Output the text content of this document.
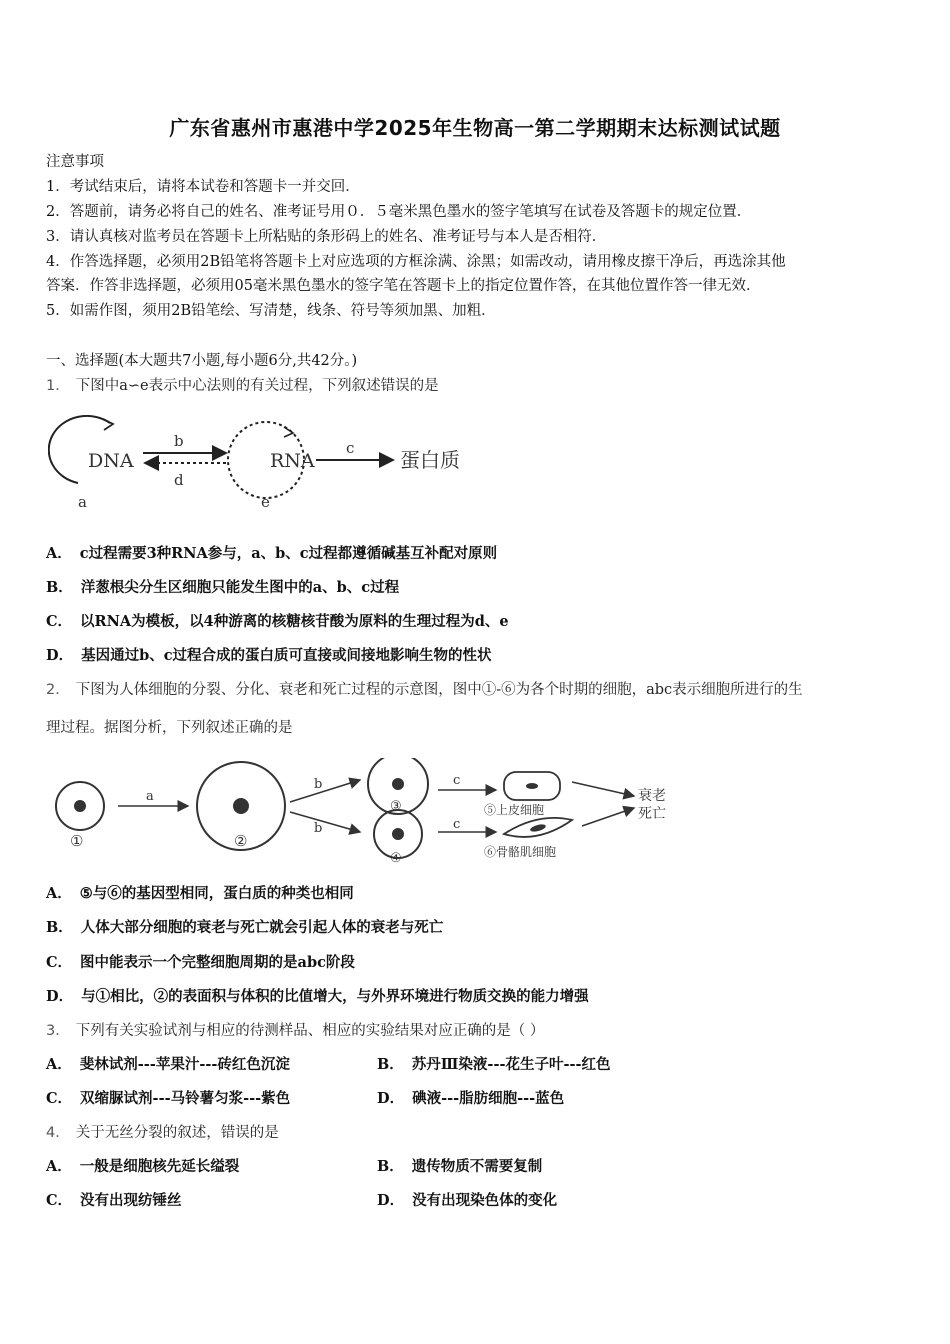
广东省惠州市惠港中学2025年生物高一第二学期期末达标测试试题
注意事项
1．考试结束后，请将本试卷和答题卡一并交回．
2．答题前，请务必将自己的姓名、准考证号用０．５毫米黑色墨水的签字笔填写在试卷及答题卡的规定位置．
3．请认真核对监考员在答题卡上所粘贴的条形码上的姓名、准考证号与本人是否相符．
4．作答选择题，必须用2B铅笔将答题卡上对应选项的方框涂满、涂黑；如需改动，请用橡皮擦干净后，再选涂其他
答案．作答非选择题，必须用05毫米黑色墨水的签字笔在答题卡上的指定位置作答，在其他位置作答一律无效．
5．如需作图，须用2B铅笔绘、写清楚，线条、符号等须加黑、加粗．
一、选择题(本大题共7小题,每小题6分,共42分。)
1． 下图中a∽e表示中心法则的有关过程，下列叙述错误的是
DNA
a
b
d
RNA
e
c 蛋白质
A． c过程需要3种RNA参与，a、b、c过程都遵循碱基互补配对原则
B． 洋葱根尖分生区细胞只能发生图中的a、b、c过程
C． 以RNA为模板，以4种游离的核糖核苷酸为原料的生理过程为d、e
D． 基因通过b、c过程合成的蛋白质可直接或间接地影响生物的性状
2． 下图为人体细胞的分裂、分化、衰老和死亡过程的示意图，图中①-⑥为各个时期的细胞，abc表示细胞所进行的生
理过程。据图分析，下列叙述正确的是
①
a
②
b
b
③
④
c
c
⑤上皮细胞
⑥骨骼肌细胞
衰老
死亡
A． ⑤与⑥的基因型相同，蛋白质的种类也相同
B． 人体大部分细胞的衰老与死亡就会引起人体的衰老与死亡
C． 图中能表示一个完整细胞周期的是abc阶段
D． 与①相比，②的表面积与体积的比值增大，与外界环境进行物质交换的能力增强
3． 下列有关实验试剂与相应的待测样品、相应的实验结果对应正确的是（ ）
A． 斐林试剂---苹果汁---砖红色沉淀	B． 苏丹Ⅲ染液---花生子叶---红色
C． 双缩脲试剂---马铃薯匀浆---紫色	D． 碘液---脂肪细胞---蓝色
4． 关于无丝分裂的叙述，错误的是
A． 一般是细胞核先延长缢裂	B． 遗传物质不需要复制
C． 没有出现纺锤丝	D． 没有出现染色体的变化
